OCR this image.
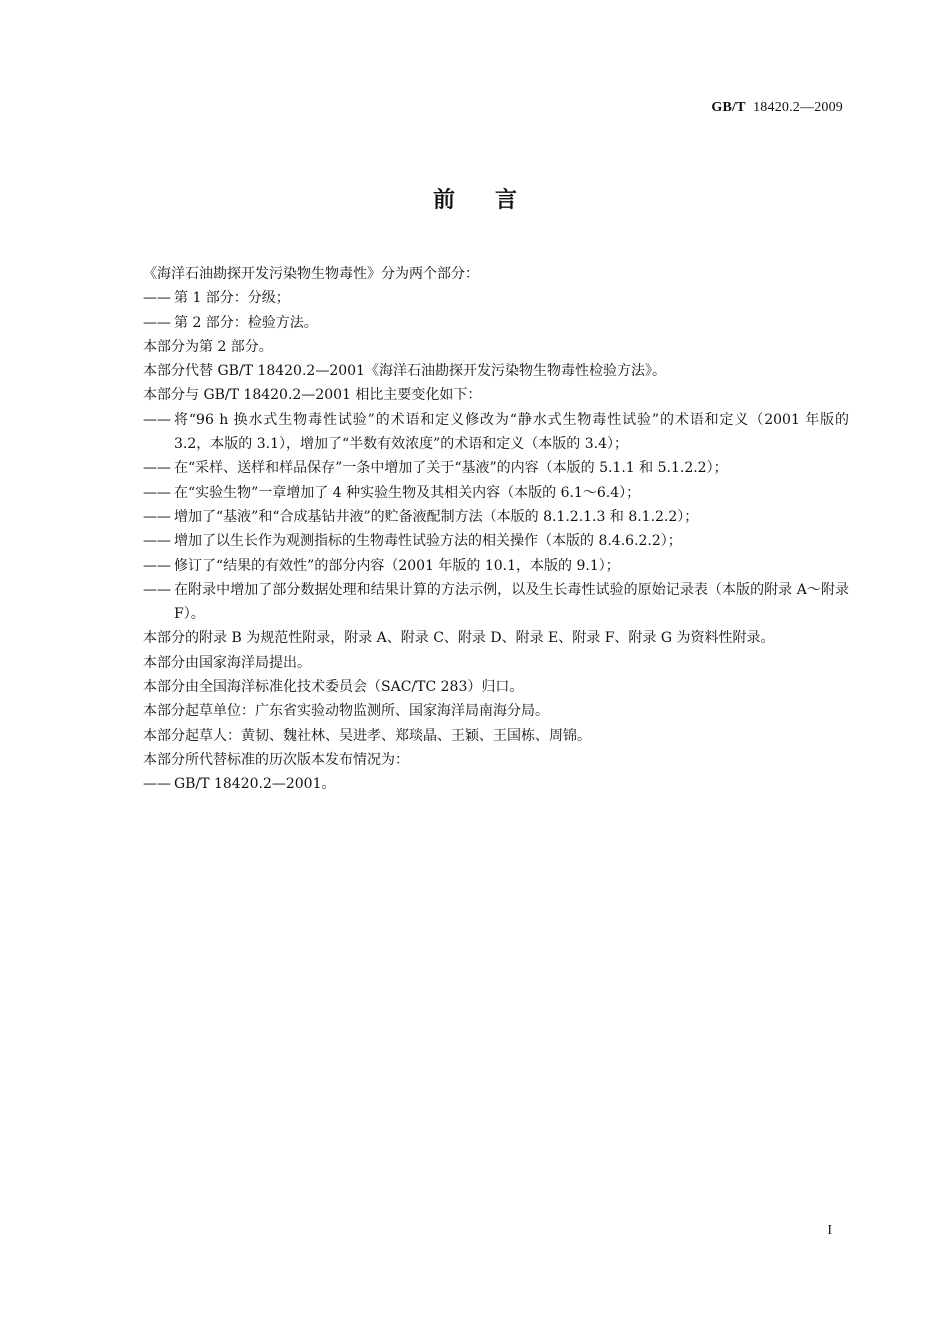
GB/T 18420.2—2009
前言
《海洋石油勘探开发污染物生物毒性》分为两个部分：
—— 第 1 部分：分级；
—— 第 2 部分：检验方法。
本部分为第 2 部分。
本部分代替 GB/T 18420.2—2001《海洋石油勘探开发污染物生物毒性检验方法》。
本部分与 GB/T 18420.2—2001 相比主要变化如下：
—— 将“96 h 换水式生物毒性试验”的术语和定义修改为“静水式生物毒性试验”的术语和定义（2001 年版的 3.2，本版的 3.1），增加了“半数有效浓度”的术语和定义（本版的 3.4）；
—— 在“采样、送样和样品保存”一条中增加了关于“基液”的内容（本版的 5.1.1 和 5.1.2.2）；
—— 在“实验生物”一章增加了 4 种实验生物及其相关内容（本版的 6.1～6.4）；
—— 增加了“基液”和“合成基钻井液”的贮备液配制方法（本版的 8.1.2.1.3 和 8.1.2.2）；
—— 增加了以生长作为观测指标的生物毒性试验方法的相关操作（本版的 8.4.6.2.2）；
—— 修订了“结果的有效性”的部分内容（2001 年版的 10.1，本版的 9.1）；
—— 在附录中增加了部分数据处理和结果计算的方法示例，以及生长毒性试验的原始记录表（本版的附录 A～附录 F）。
本部分的附录 B 为规范性附录，附录 A、附录 C、附录 D、附录 E、附录 F、附录 G 为资料性附录。
本部分由国家海洋局提出。
本部分由全国海洋标准化技术委员会（SAC/TC 283）归口。
本部分起草单位：广东省实验动物监测所、国家海洋局南海分局。
本部分起草人：黄韧、魏社林、吴进孝、郑琰晶、王颖、王国栋、周锦。
本部分所代替标准的历次版本发布情况为：
—— GB/T 18420.2—2001。
I
